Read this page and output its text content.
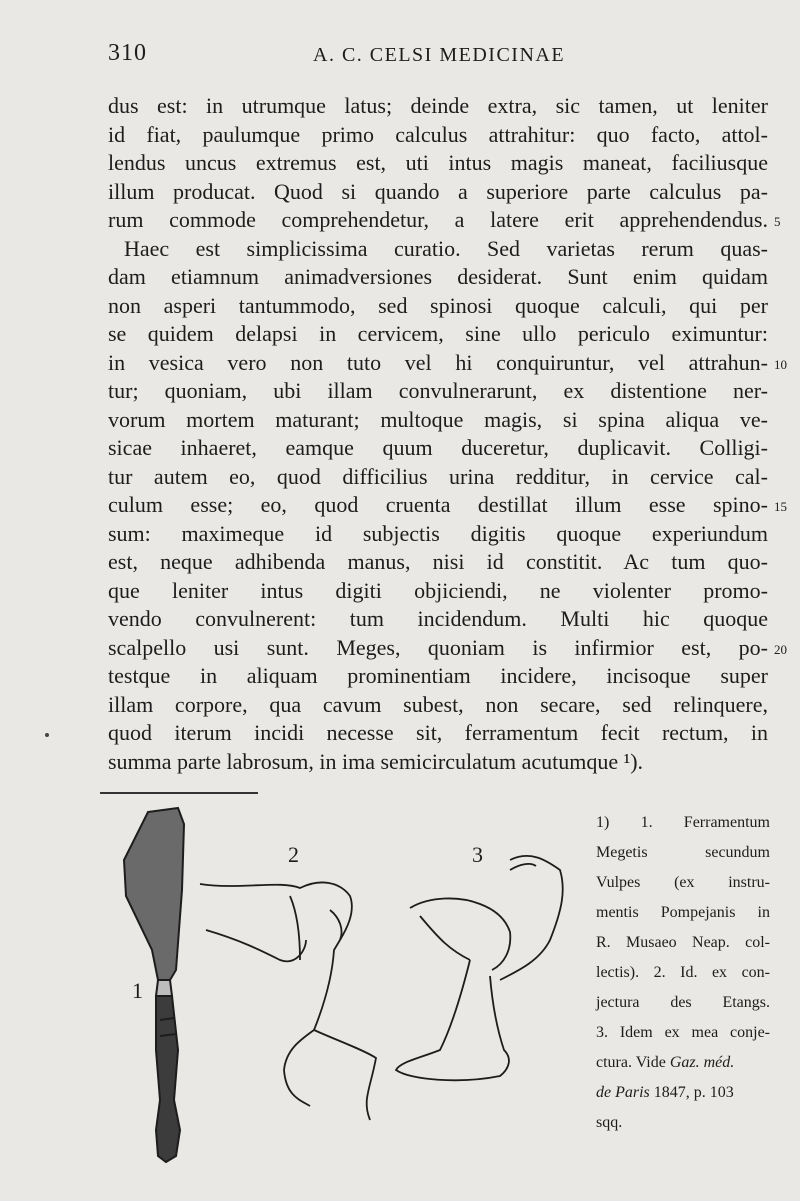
310	A. C. CELSI MEDICINAE
dus est: in utrumque latus; deinde extra, sic tamen, ut leniter
id fiat, paulumque primo calculus attrahitur: quo facto, attol-
lendus uncus extremus est, uti intus magis maneat, faciliusque
illum producat. Quod si quando a superiore parte calculus pa-
rum commode comprehendetur, a latere erit apprehendendus. 5
Haec est simplicissima curatio. Sed varietas rerum quas-
dam etiamnum animadversiones desiderat. Sunt enim quidam
non asperi tantummodo, sed spinosi quoque calculi, qui per
se quidem delapsi in cervicem, sine ullo periculo eximuntur:
in vesica vero non tuto vel hi conquiruntur, vel attrahun- 10
tur; quoniam, ubi illam convulnerarunt, ex distentione ner-
vorum mortem maturant; multoque magis, si spina aliqua ve-
sicae inhaeret, eamque quum duceretur, duplicavit. Colligi-
tur autem eo, quod difficilius urina redditur, in cervice cal-
culum esse; eo, quod cruenta destillat illum esse spino- 15
sum: maximeque id subjectis digitis quoque experiundum
est, neque adhibenda manus, nisi id constitit. Ac tum quo-
que leniter intus digiti objiciendi, ne violenter promo-
vendo convulnerent: tum incidendum. Multi hic quoque
scalpello usi sunt. Meges, quoniam is infirmior est, po- 20
testque in aliquam prominentiam incidere, incisoque super
illam corpore, qua cavum subest, non secare, sed relinquere,
quod iterum incidi necesse sit, ferramentum fecit rectum, in
summa parte labrosum, in ima semicirculatum acutumque ¹).
1
2	3
1) 1. Ferramentum
Megetis secundum
Vulpes (ex instru-
mentis Pompejanis in
R. Musaeo Neap. col-
lectis). 2. Id. ex con-
jectura des Etangs.
3. Idem ex mea conje-
ctura. Vide Gaz. méd.
de Paris 1847, p. 103
sqq.
